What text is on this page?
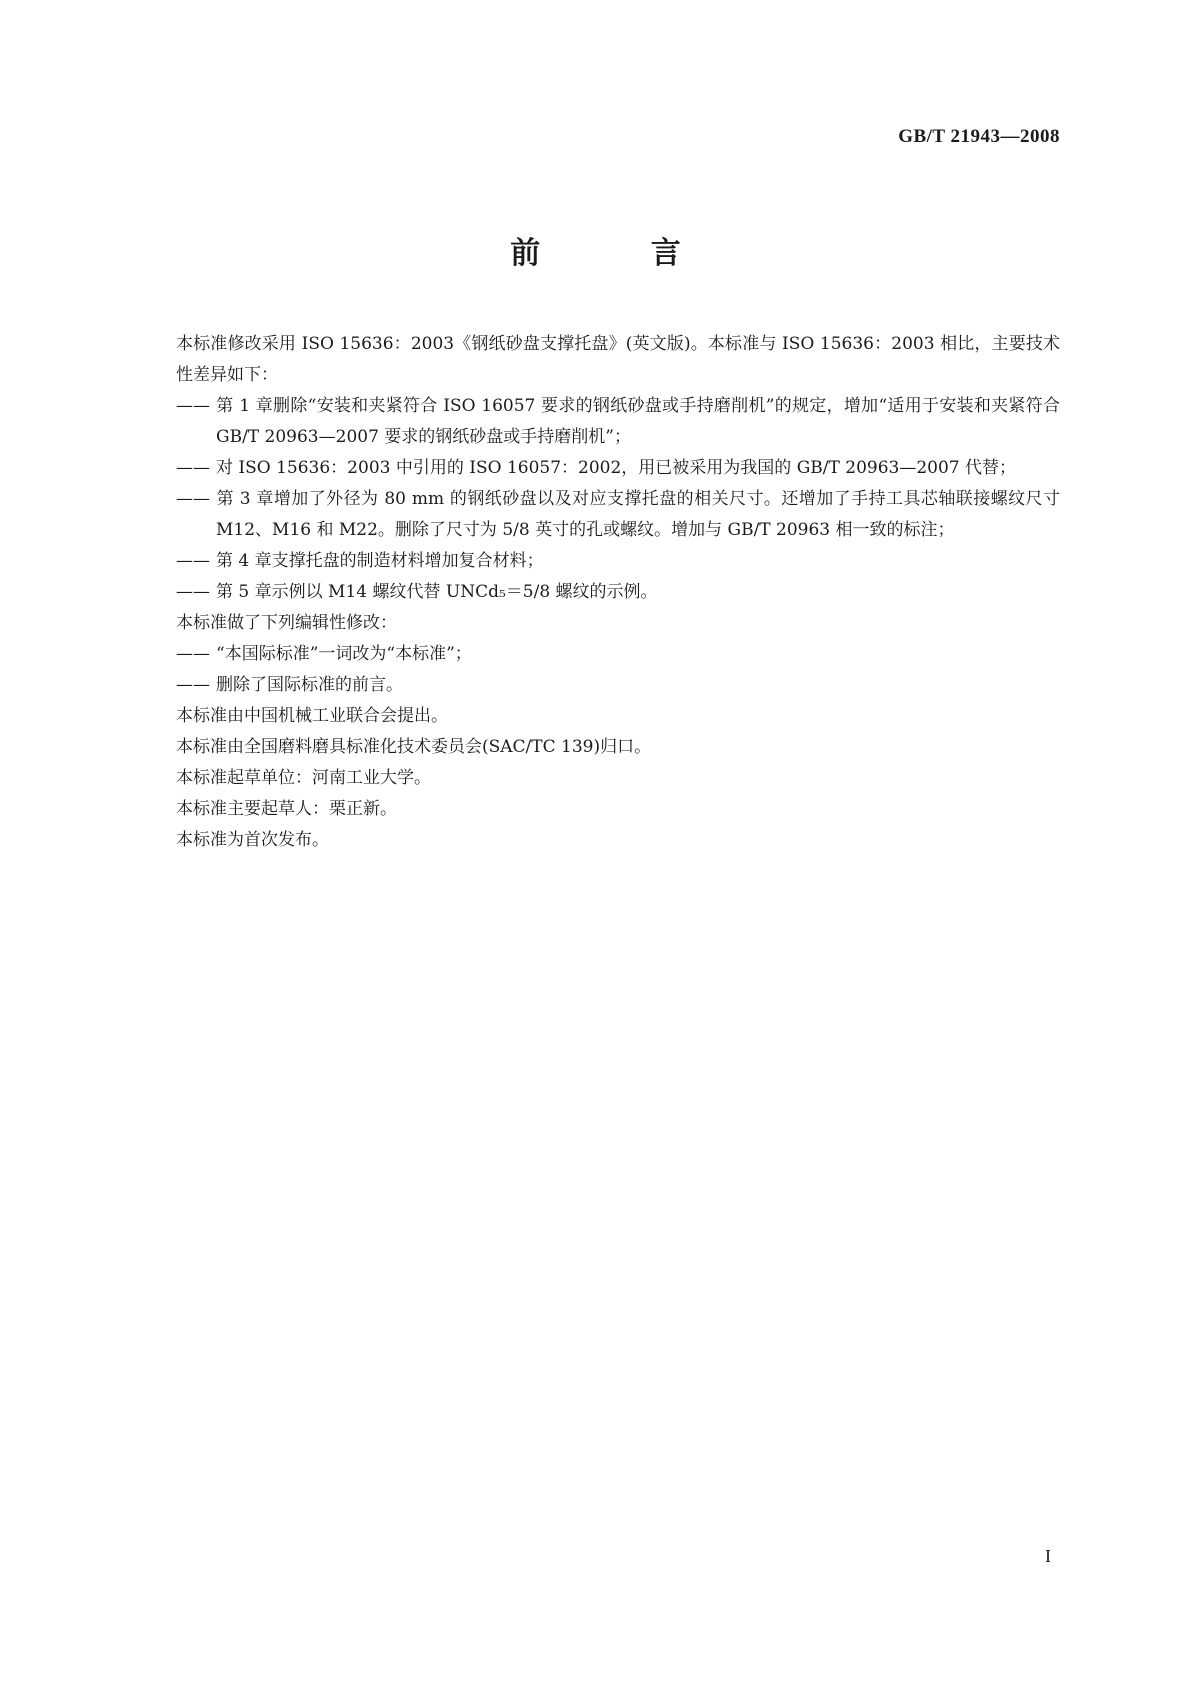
GB/T 21943—2008
前 言

本标准修改采用 ISO 15636：2003《钢纸砂盘支撑托盘》(英文版)。本标准与 ISO 15636：2003 相比，主要技术性差异如下：

—— 第 1 章删除“安装和夹紧符合 ISO 16057 要求的钢纸砂盘或手持磨削机”的规定，增加“适用于安装和夹紧符合 GB/T 20963—2007 要求的钢纸砂盘或手持磨削机”；

—— 对 ISO 15636：2003 中引用的 ISO 16057：2002，用已被采用为我国的 GB/T 20963—2007 代替；

—— 第 3 章增加了外径为 80 mm 的钢纸砂盘以及对应支撑托盘的相关尺寸。还增加了手持工具芯轴联接螺纹尺寸 M12、M16 和 M22。删除了尺寸为 5/8 英寸的孔或螺纹。增加与 GB/T 20963 相一致的标注；

—— 第 4 章支撑托盘的制造材料增加复合材料；

—— 第 5 章示例以 M14 螺纹代替 UNCd₅＝5/8 螺纹的示例。

本标准做了下列编辑性修改：

—— “本国际标准”一词改为“本标准”；

—— 删除了国际标准的前言。

本标准由中国机械工业联合会提出。

本标准由全国磨料磨具标准化技术委员会(SAC/TC 139)归口。

本标准起草单位：河南工业大学。

本标准主要起草人：栗正新。

本标准为首次发布。

I
